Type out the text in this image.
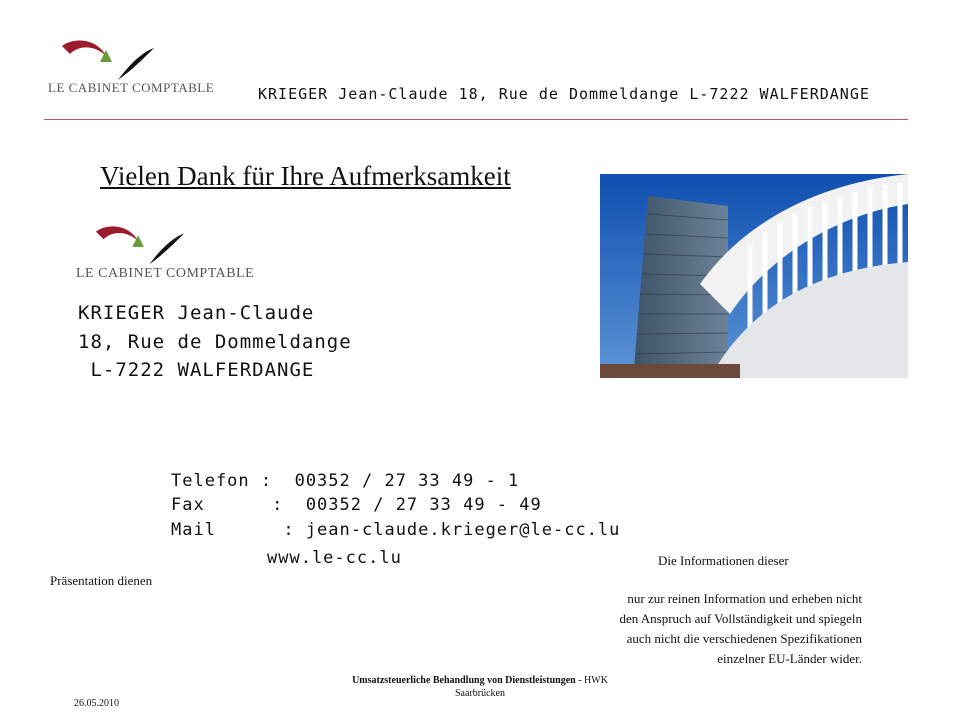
LE CABINET COMPTABLE	KRIEGER Jean-Claude 18, Rue de Dommeldange L-7222 WALFERDANGE
Vielen Dank für Ihre Aufmerksamkeit
LE CABINET COMPTABLE
KRIEGER Jean-Claude
18, Rue de Dommeldange
L-7222 WALFERDANGE
Telefon :  00352 / 27 33 49 - 1
Fax      :  00352 / 27 33 49 - 49
Mail      : jean-claude.krieger@le-cc.lu
www.le-cc.lu	Die Informationen dieser
Präsentation dienen
nur zur reinen Information und erheben nicht
den Anspruch auf Vollständigkeit und spiegeln
auch nicht die verschiedenen Spezifikationen
einzelner EU-Länder wider.
Umsatzsteuerliche Behandlung von Dienstleistungen - HWK
Saarbrücken
26.05.2010
